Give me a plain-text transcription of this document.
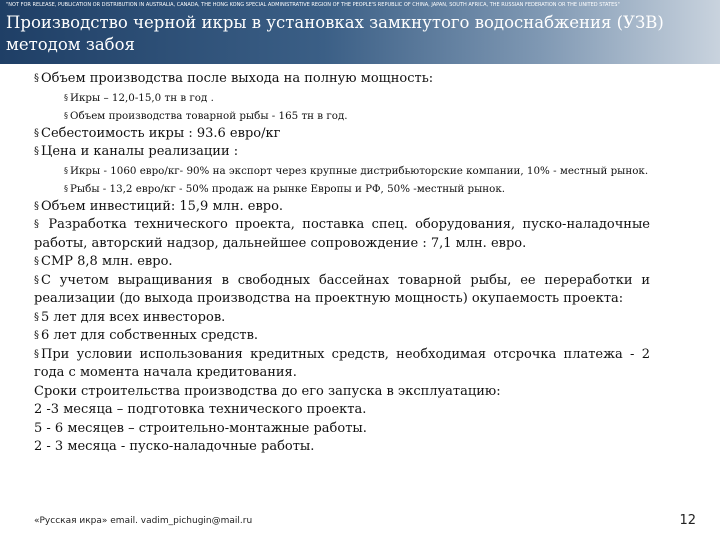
"NOT FOR RELEASE, PUBLICATION OR DISTRIBUTION IN AUSTRALIA, CANADA, THE HONG KONG SPECIAL ADMINISTRATIVE REGION OF THE PEOPLE'S REPUBLIC OF CHINA, JAPAN, SOUTH AFRICA, THE RUSSIAN FEDERATION OR THE UNITED STATES"
Производство черной икры в установках замкнутого водоснабжения (УЗВ) методом забоя

§ Объем производства после выхода на полную мощность:

§ Икры – 12,0-15,0 тн в год .

§ Объем производства товарной рыбы - 165 тн в год.

§ Себестоимость икры : 93.6 евро/кг

§ Цена и каналы реализации :

§ Икры - 1060 евро/кг- 90% на экспорт через крупные дистрибьюторские компании, 10% - местный рынок.

§ Рыбы - 13,2 евро/кг - 50% продаж на рынке Европы и РФ, 50% -местный рынок.

§ Объем инвестиций: 15,9 млн. евро.

§ Разработка технического проекта, поставка спец. оборудования, пуско-наладочные работы, авторский надзор, дальнейшее сопровождение : 7,1 млн. евро.

§ СМР 8,8 млн. евро.

§ С учетом выращивания в свободных бассейнах товарной рыбы, ее переработки и реализации (до выхода производства на проектную мощность) окупаемость проекта:

§ 5 лет для всех инвесторов.

§ 6 лет для собственных средств.

§ При условии использования кредитных средств, необходимая отсрочка платежа - 2 года с момента начала кредитования.

Сроки строительства производства до его запуска в эксплуатацию:

2 -3 месяца – подготовка технического проекта.

5 - 6 месяцев – строительно-монтажные работы.

2 - 3 месяца - пуско-наладочные работы.

«Русская икра» email. vadim_pichugin@mail.ru	12
